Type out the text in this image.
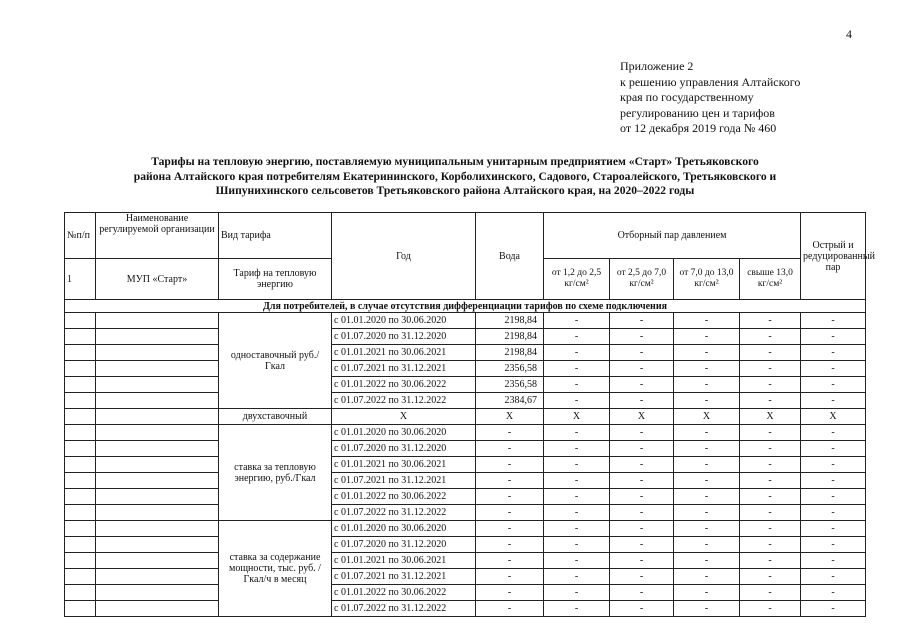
4
Приложение 2
к решению управления Алтайского
края по государственному
регулированию цен и тарифов
от 12 декабря 2019 года № 460
Тарифы на тепловую энергию, поставляемую муниципальным унитарным предприятием «Старт» Третьяковского
района Алтайского края потребителям Екатерининского, Корболихинского, Садового, Староалейского, Третьяковского и
Шипунихинского сельсоветов Третьяковского района Алтайского края, на 2020–2022 годы
№п/п	Наименование регулируемой организации	Вид тарифа	Год	Вода	Отборный пар давлением				Острый и редуцированный пар
1	МУП «Старт»	Тариф на тепловую энергию			от 1,2 до 2,5 кг/см²	от 2,5 до 7,0 кг/см²	от 7,0 до 13,0 кг/см²	свыше 13,0 кг/см²	
Для потребителей, в случае отсутствия дифференциации тарифов по схеме подключения									
		одноставочный руб./Гкал	с 01.01.2020 по 30.06.2020	2198,84	-	-	-	-	-
			с 01.07.2020 по 31.12.2020	2198,84	-	-	-	-	-
			с 01.01.2021 по 30.06.2021	2198,84	-	-	-	-	-
			с 01.07.2021 по 31.12.2021	2356,58	-	-	-	-	-
			с 01.01.2022 по 30.06.2022	2356,58	-	-	-	-	-
			с 01.07.2022 по 31.12.2022	2384,67	-	-	-	-	-
		двухставочный	X	X	X	X	X	X	X
		ставка за тепловую энергию, руб./Гкал	с 01.01.2020 по 30.06.2020	-	-	-	-	-	-
			с 01.07.2020 по 31.12.2020	-	-	-	-	-	-
			с 01.01.2021 по 30.06.2021	-	-	-	-	-	-
			с 01.07.2021 по 31.12.2021	-	-	-	-	-	-
			с 01.01.2022 по 30.06.2022	-	-	-	-	-	-
			с 01.07.2022 по 31.12.2022	-	-	-	-	-	-
		ставка за содержание мощности, тыс. руб. /Гкал/ч в месяц	с 01.01.2020 по 30.06.2020	-	-	-	-	-	-
			с 01.07.2020 по 31.12.2020	-	-	-	-	-	-
			с 01.01.2021 по 30.06.2021	-	-	-	-	-	-
			с 01.07.2021 по 31.12.2021	-	-	-	-	-	-
			с 01.01.2022 по 30.06.2022	-	-	-	-	-	-
			с 01.07.2022 по 31.12.2022	-	-	-	-	-	-
